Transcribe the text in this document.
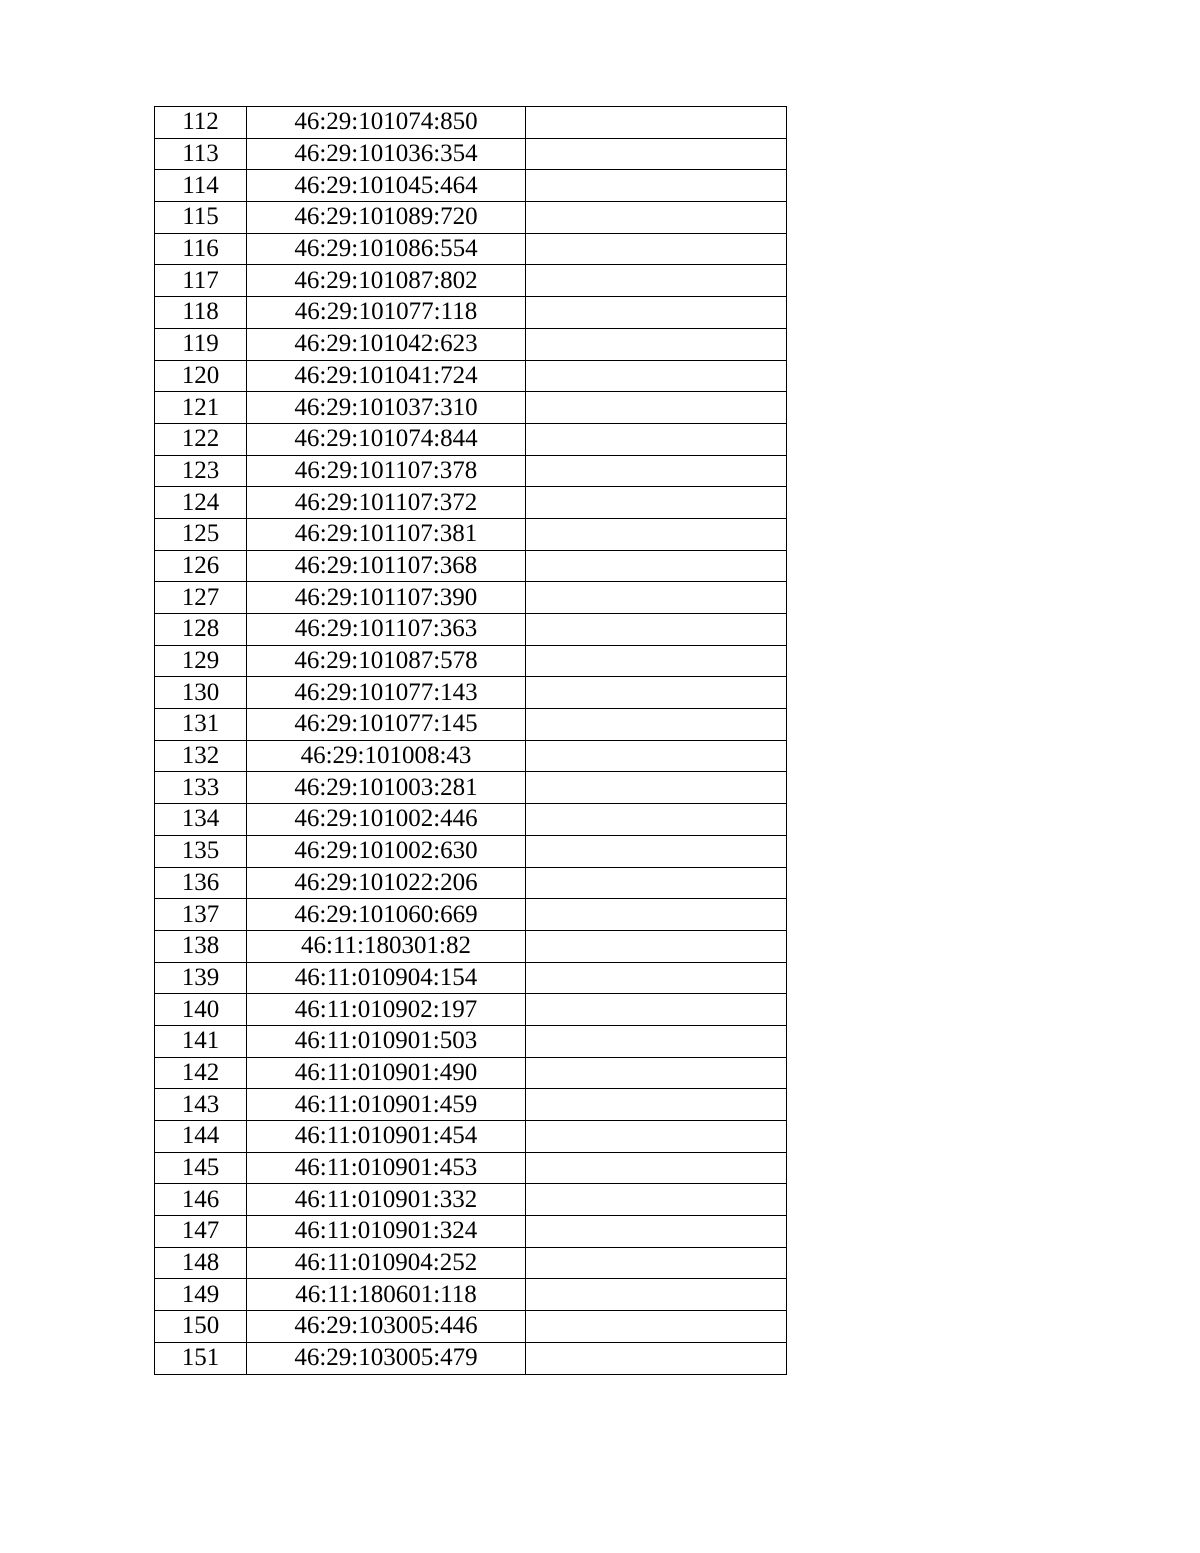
112	46:29:101074:850	
113	46:29:101036:354	
114	46:29:101045:464	
115	46:29:101089:720	
116	46:29:101086:554	
117	46:29:101087:802	
118	46:29:101077:118	
119	46:29:101042:623	
120	46:29:101041:724	
121	46:29:101037:310	
122	46:29:101074:844	
123	46:29:101107:378	
124	46:29:101107:372	
125	46:29:101107:381	
126	46:29:101107:368	
127	46:29:101107:390	
128	46:29:101107:363	
129	46:29:101087:578	
130	46:29:101077:143	
131	46:29:101077:145	
132	46:29:101008:43	
133	46:29:101003:281	
134	46:29:101002:446	
135	46:29:101002:630	
136	46:29:101022:206	
137	46:29:101060:669	
138	46:11:180301:82	
139	46:11:010904:154	
140	46:11:010902:197	
141	46:11:010901:503	
142	46:11:010901:490	
143	46:11:010901:459	
144	46:11:010901:454	
145	46:11:010901:453	
146	46:11:010901:332	
147	46:11:010901:324	
148	46:11:010904:252	
149	46:11:180601:118	
150	46:29:103005:446	
151	46:29:103005:479	
